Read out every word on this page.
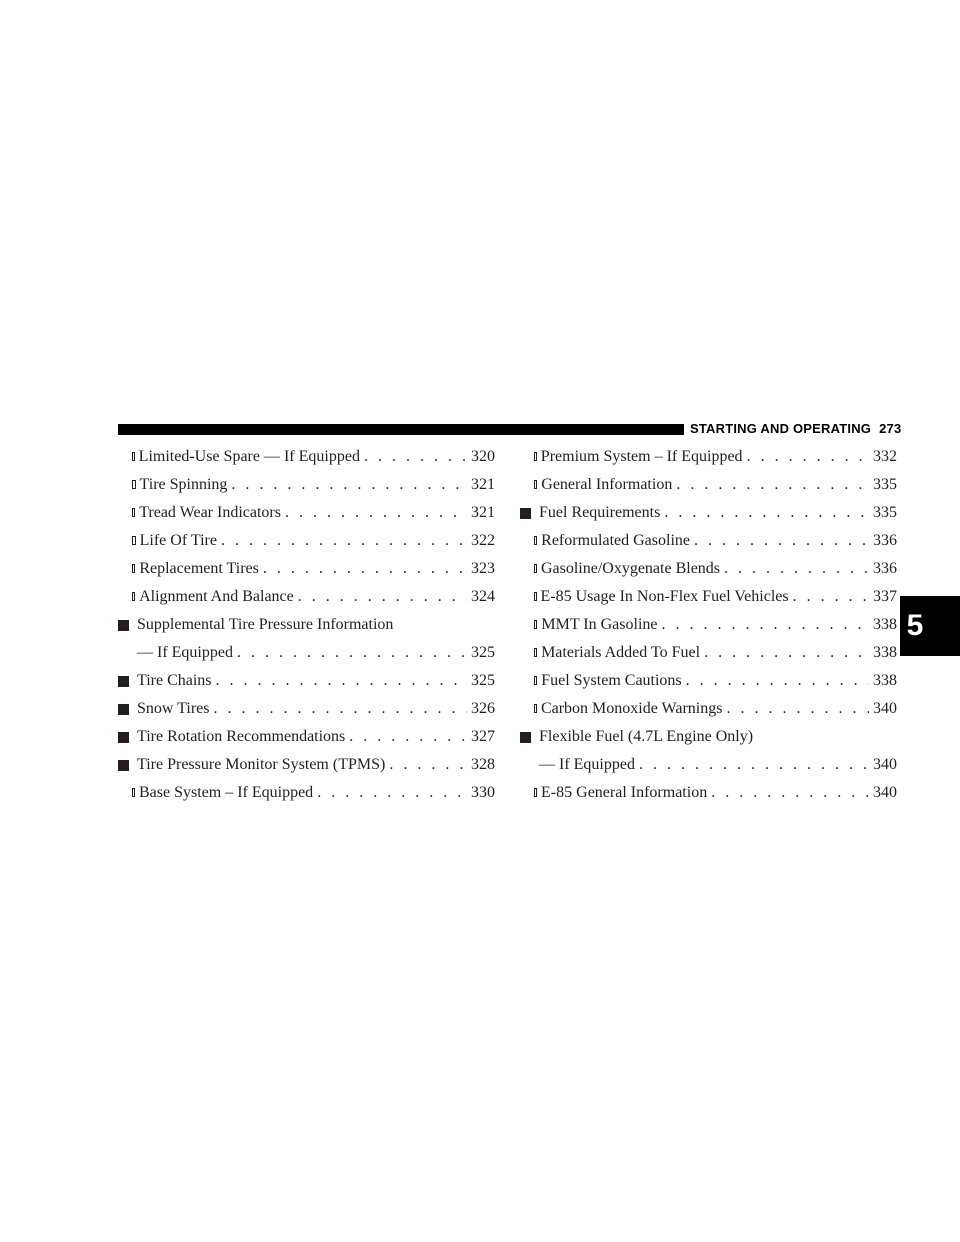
STARTING AND OPERATING 273
Limited-Use Spare — If Equipped . . .	320
Tire Spinning . . .	321
Tread Wear Indicators . . .	321
Life Of Tire . . .	322
Replacement Tires . . .	323
Alignment And Balance . . .	324
Supplemental Tire Pressure Information
— If Equipped . . .	325
Tire Chains . . .	325
Snow Tires . . .	326
Tire Rotation Recommendations . . .	327
Tire Pressure Monitor System (TPMS) . . .	328
Base System – If Equipped . . .	330
Premium System – If Equipped . . .	332
General Information . . .	335
Fuel Requirements . . .	335
Reformulated Gasoline . . .	336
Gasoline/Oxygenate Blends . . .	336
E-85 Usage In Non-Flex Fuel Vehicles . . .	337
MMT In Gasoline . . .	338
Materials Added To Fuel . . .	338
Fuel System Cautions . . .	338
Carbon Monoxide Warnings . . .	340
Flexible Fuel (4.7L Engine Only)
— If Equipped . . .	340
E-85 General Information . . .	340
5
